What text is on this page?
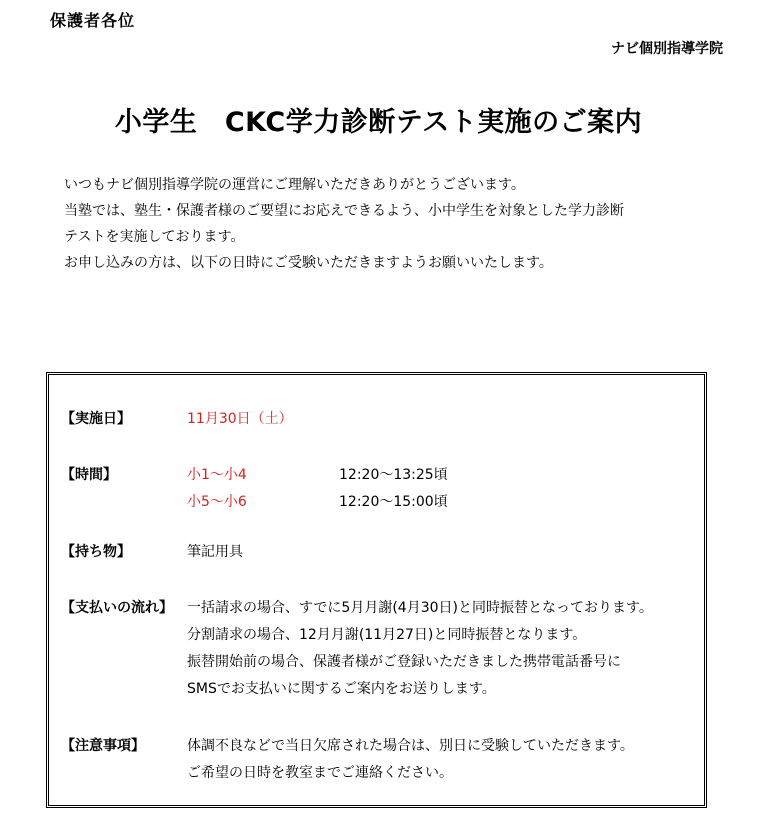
保護者各位
ナビ個別指導学院
小学生　CKC学力診断テスト実施のご案内

いつもナビ個別指導学院の運営にご理解いただきありがとうございます。

当塾では、塾生・保護者様のご要望にお応えできるよう、小中学生を対象とした学力診断

テストを実施しております。

お申し込みの方は、以下の日時にご受験いただきますようお願いいたします。

【実施日】	11月30日（土）
【時間】	小1～小4	12:20～13:25頃
小5～小6	12:20～15:00頃
【持ち物】	筆記用具
【支払いの流れ】 一括請求の場合、すでに5月月謝(4月30日)と同時振替となっております。
分割請求の場合、12月月謝(11月27日)と同時振替となります。
振替開始前の場合、保護者様がご登録いただきました携帯電話番号に
SMSでお支払いに関するご案内をお送りします。
【注意事項】	体調不良などで当日欠席された場合は、別日に受験していただきます。
ご希望の日時を教室までご連絡ください。
